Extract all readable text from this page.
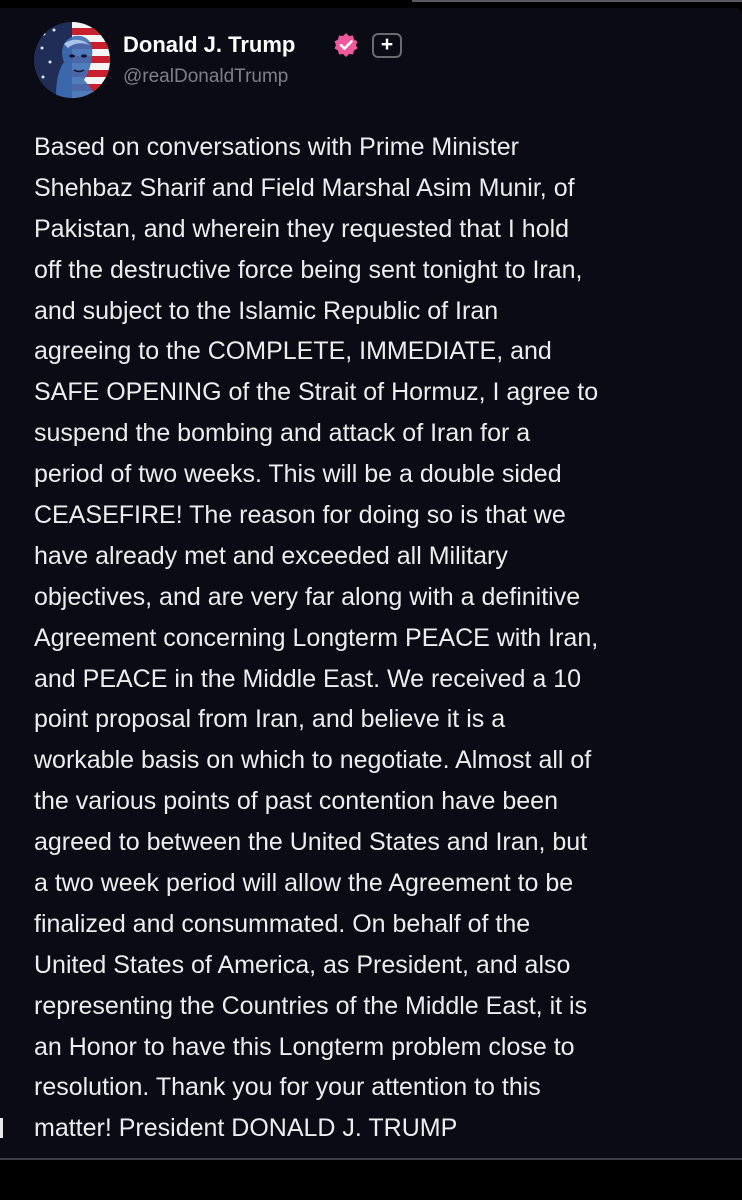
Donald J. Trump	+
@realDonaldTrump
Based on conversations with Prime Minister
Shehbaz Sharif and Field Marshal Asim Munir, of
Pakistan, and wherein they requested that I hold
off the destructive force being sent tonight to Iran,
and subject to the Islamic Republic of Iran
agreeing to the COMPLETE, IMMEDIATE, and
SAFE OPENING of the Strait of Hormuz, I agree to
suspend the bombing and attack of Iran for a
period of two weeks. This will be a double sided
CEASEFIRE! The reason for doing so is that we
have already met and exceeded all Military
objectives, and are very far along with a definitive
Agreement concerning Longterm PEACE with Iran,
and PEACE in the Middle East. We received a 10
point proposal from Iran, and believe it is a
workable basis on which to negotiate. Almost all of
the various points of past contention have been
agreed to between the United States and Iran, but
a two week period will allow the Agreement to be
finalized and consummated. On behalf of the
United States of America, as President, and also
representing the Countries of the Middle East, it is
an Honor to have this Longterm problem close to
resolution. Thank you for your attention to this
matter! President DONALD J. TRUMP
